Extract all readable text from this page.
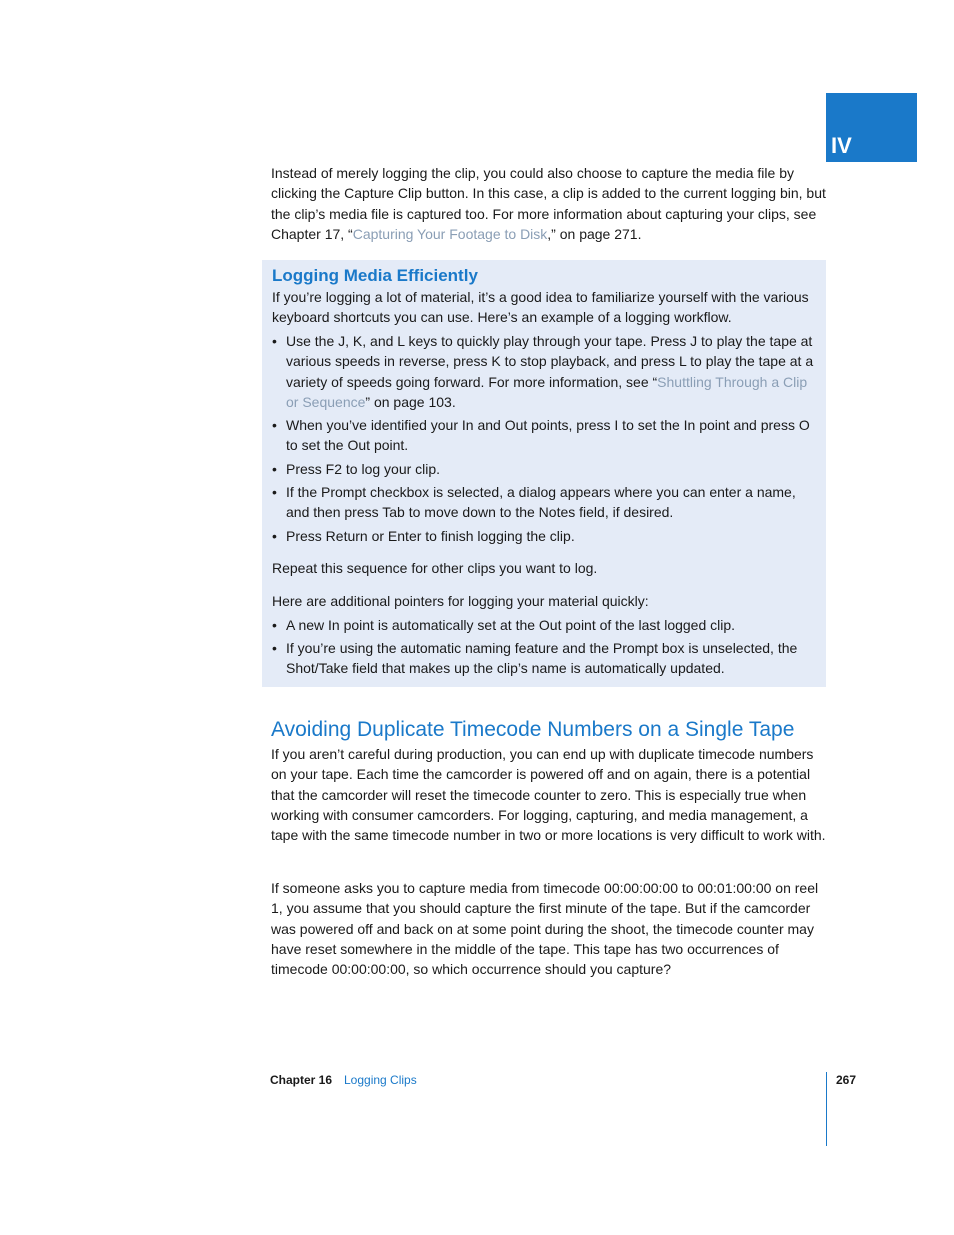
IV

Instead of merely logging the clip, you could also choose to capture the media file by clicking the Capture Clip button. In this case, a clip is added to the current logging bin, but the clip’s media file is captured too. For more information about capturing your clips, see Chapter 17, “Capturing Your Footage to Disk,” on page 271.

Logging Media Efficiently

If you’re logging a lot of material, it’s a good idea to familiarize yourself with the various keyboard shortcuts you can use. Here’s an example of a logging workflow.

• Use the J, K, and L keys to quickly play through your tape. Press J to play the tape at various speeds in reverse, press K to stop playback, and press L to play the tape at a variety of speeds going forward. For more information, see “Shuttling Through a Clip or Sequence” on page 103.

• When you’ve identified your In and Out points, press I to set the In point and press O to set the Out point.

• Press F2 to log your clip.

• If the Prompt checkbox is selected, a dialog appears where you can enter a name, and then press Tab to move down to the Notes field, if desired.

• Press Return or Enter to finish logging the clip.

Repeat this sequence for other clips you want to log.

Here are additional pointers for logging your material quickly:

• A new In point is automatically set at the Out point of the last logged clip.

• If you’re using the automatic naming feature and the Prompt box is unselected, the Shot/Take field that makes up the clip’s name is automatically updated.

Avoiding Duplicate Timecode Numbers on a Single Tape

If you aren’t careful during production, you can end up with duplicate timecode numbers on your tape. Each time the camcorder is powered off and on again, there is a potential that the camcorder will reset the timecode counter to zero. This is especially true when working with consumer camcorders. For logging, capturing, and media management, a tape with the same timecode number in two or more locations is very difficult to work with.

If someone asks you to capture media from timecode 00:00:00:00 to 00:01:00:00 on reel 1, you assume that you should capture the first minute of the tape. But if the camcorder was powered off and back on at some point during the shoot, the timecode counter may have reset somewhere in the middle of the tape. This tape has two occurrences of timecode 00:00:00:00, so which occurrence should you capture?

Chapter 16 Logging Clips	267
